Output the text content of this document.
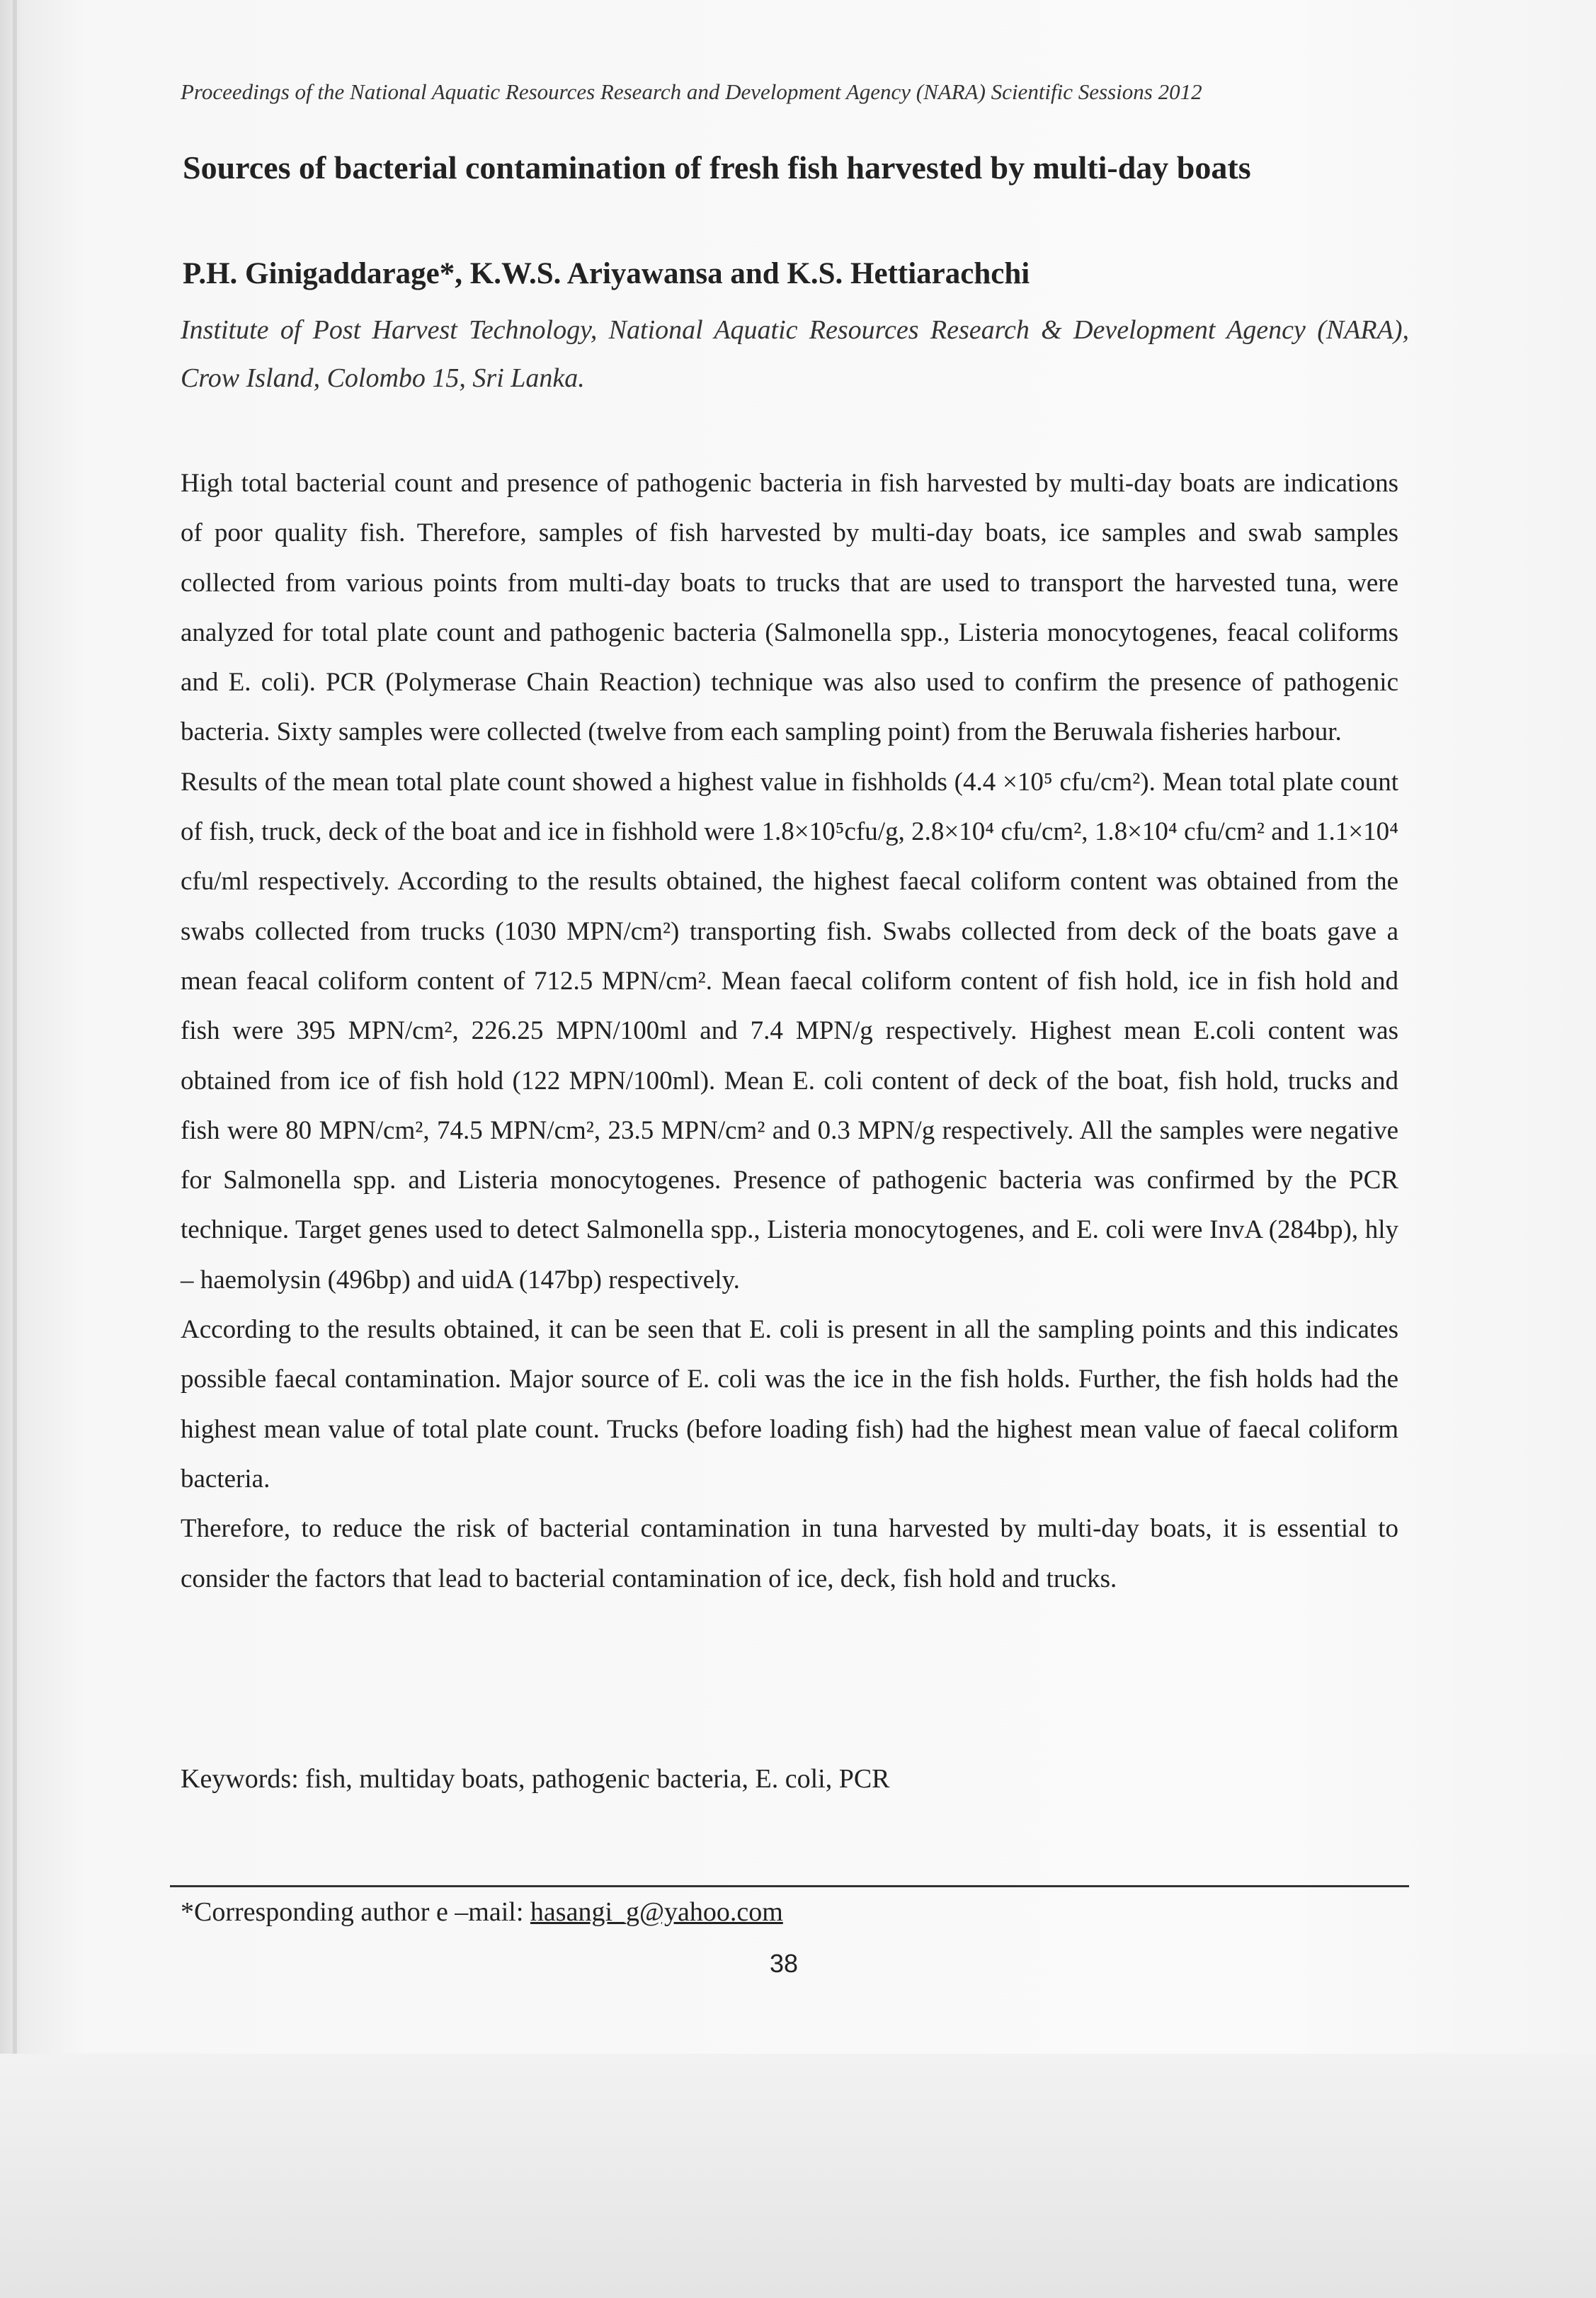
Proceedings of the National Aquatic Resources Research and Development Agency (NARA) Scientific Sessions 2012
Sources of bacterial contamination of fresh fish harvested by multi-day boats
P.H. Ginigaddarage*, K.W.S. Ariyawansa and K.S. Hettiarachchi
Institute of Post Harvest Technology, National Aquatic Resources Research & Development Agency (NARA), Crow Island, Colombo 15, Sri Lanka.

High total bacterial count and presence of pathogenic bacteria in fish harvested by multi-day boats are indications of poor quality fish. Therefore, samples of fish harvested by multi-day boats, ice samples and swab samples collected from various points from multi-day boats to trucks that are used to transport the harvested tuna, were analyzed for total plate count and pathogenic bacteria (Salmonella spp., Listeria monocytogenes, feacal coliforms and E. coli). PCR (Polymerase Chain Reaction) technique was also used to confirm the presence of pathogenic bacteria. Sixty samples were collected (twelve from each sampling point) from the Beruwala fisheries harbour.

Results of the mean total plate count showed a highest value in fishholds (4.4 ×10⁵ cfu/cm²). Mean total plate count of fish, truck, deck of the boat and ice in fishhold were 1.8×10⁵cfu/g, 2.8×10⁴ cfu/cm², 1.8×10⁴ cfu/cm² and 1.1×10⁴ cfu/ml respectively. According to the results obtained, the highest faecal coliform content was obtained from the swabs collected from trucks (1030 MPN/cm²) transporting fish. Swabs collected from deck of the boats gave a mean feacal coliform content of 712.5 MPN/cm². Mean faecal coliform content of fish hold, ice in fish hold and fish were 395 MPN/cm², 226.25 MPN/100ml and 7.4 MPN/g respectively. Highest mean E.coli content was obtained from ice of fish hold (122 MPN/100ml). Mean E. coli content of deck of the boat, fish hold, trucks and fish were 80 MPN/cm², 74.5 MPN/cm², 23.5 MPN/cm² and 0.3 MPN/g respectively. All the samples were negative for Salmonella spp. and Listeria monocytogenes. Presence of pathogenic bacteria was confirmed by the PCR technique. Target genes used to detect Salmonella spp., Listeria monocytogenes, and E. coli were InvA (284bp), hly – haemolysin (496bp) and uidA (147bp) respectively.

According to the results obtained, it can be seen that E. coli is present in all the sampling points and this indicates possible faecal contamination. Major source of E. coli was the ice in the fish holds. Further, the fish holds had the highest mean value of total plate count. Trucks (before loading fish) had the highest mean value of faecal coliform bacteria.

Therefore, to reduce the risk of bacterial contamination in tuna harvested by multi-day boats, it is essential to consider the factors that lead to bacterial contamination of ice, deck, fish hold and trucks.

Keywords: fish, multiday boats, pathogenic bacteria, E. coli, PCR
*Corresponding author e –mail: hasangi_g@yahoo.com
38
